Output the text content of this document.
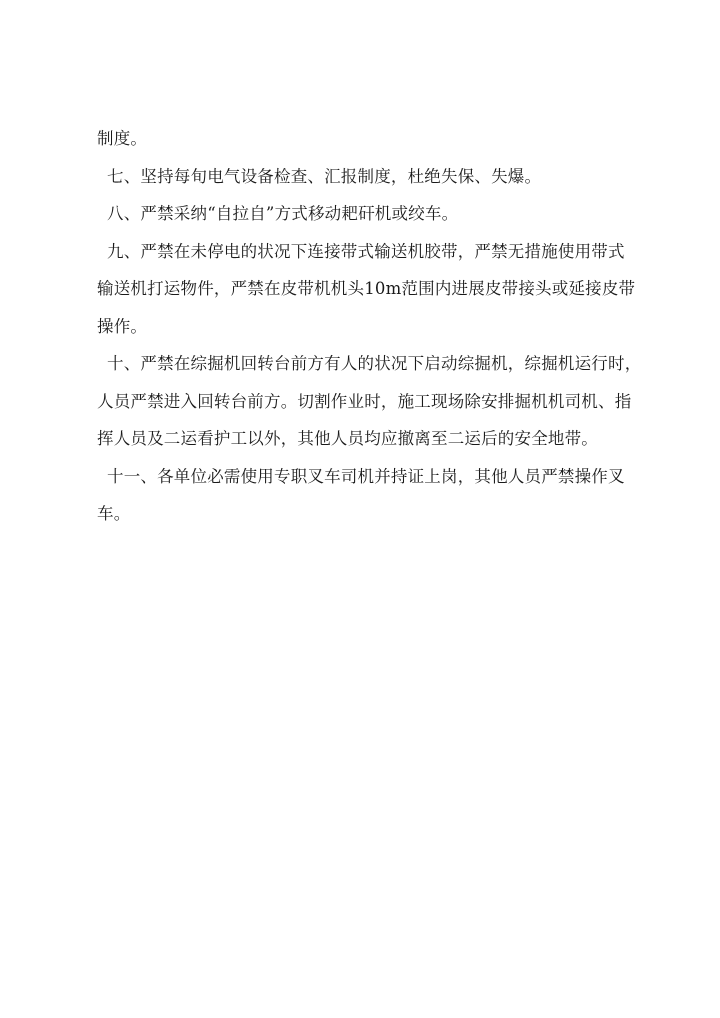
制度。
七、坚持每旬电气设备检查、汇报制度，杜绝失保、失爆。
八、严禁采纳“自拉自”方式移动耙矸机或绞车。
九、严禁在未停电的状况下连接带式输送机胶带，严禁无措施使用带式
输送机打运物件，严禁在皮带机机头10m范围内进展皮带接头或延接皮带
操作。
十、严禁在综掘机回转台前方有人的状况下启动综掘机，综掘机运行时，
人员严禁进入回转台前方。切割作业时，施工现场除安排掘机机司机、指
挥人员及二运看护工以外，其他人员均应撤离至二运后的安全地带。
十一、各单位必需使用专职叉车司机并持证上岗，其他人员严禁操作叉
车。
